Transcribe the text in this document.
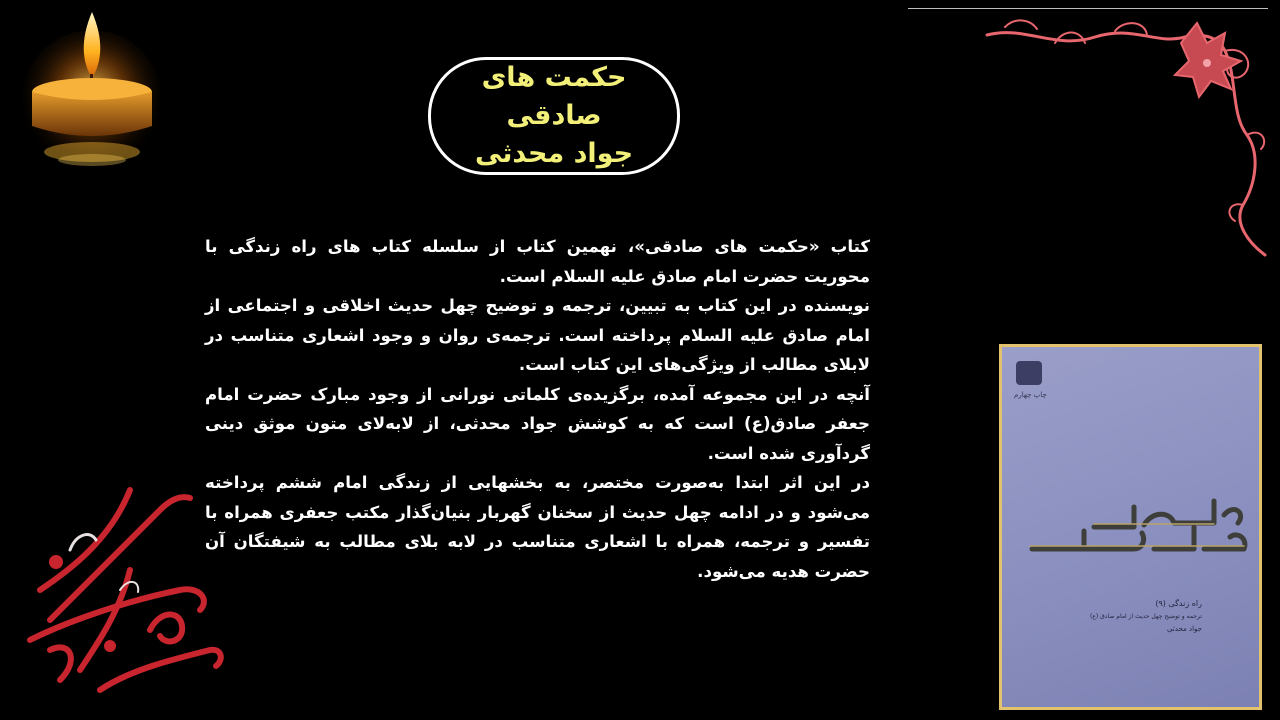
حکمت های صادقی
جواد محدثی

کتاب «حکمت های صادقی»، نهمین کتاب از سلسله کتاب های راه زندگی با محوریت حضرت امام صادق علیه السلام است.

نویسنده در این کتاب به تبیین، ترجمه و توضیح چهل حدیث اخلاقی و اجتماعی از امام صادق علیه السلام پرداخته است. ترجمه‌ی روان و وجود اشعاری متناسب در لابلای مطالب از ویژگی‌های این کتاب است.

آنچه در این مجموعه آمده، برگزیده‌ی کلماتی نورانی از وجود مبارک حضرت امام جعفر صادق(ع) است که به کوشش جواد محدثی، از لابه‌لای متون موثق دینی گردآوری شده است.

در این اثر ابتدا به‌صورت مختصر، به بخشهایی از زندگی امام ششم پرداخته می‌شود و در ادامه چهل حدیث از سخنان گهربار بنیان‌گذار مکتب جعفری همراه با تفسیر و ترجمه، همراه با اشعاری متناسب در لابه بلای مطالب به شیفتگان آن حضرت هدیه می‌شود.

چاپ چهارم
راه زندگی (۹)
ترجمه و توضیح چهل حدیث از امام صادق (ع)
جواد محدثی
